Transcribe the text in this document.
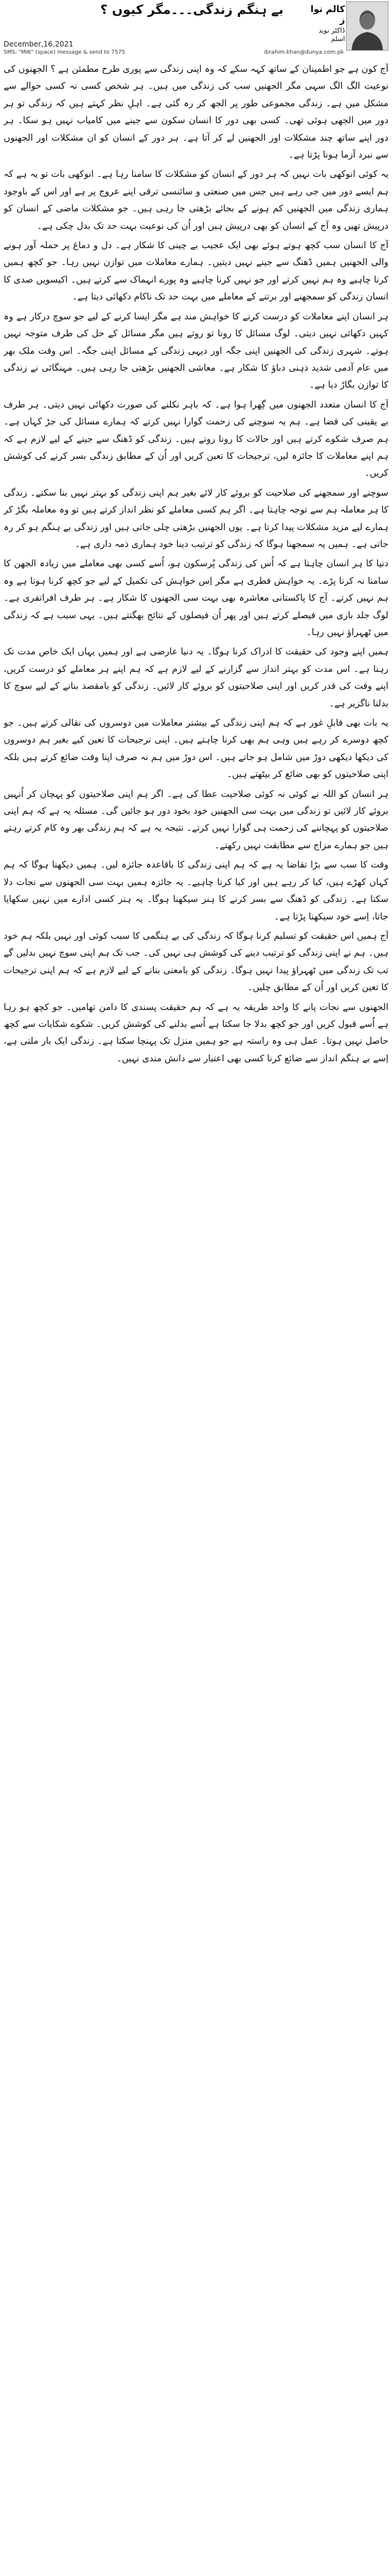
بے ہنگم زندگی۔۔۔مگر کیوں ؟	کالم نوا ز
ڈاکٹر نوید اسلم
December,16,2021
SMS: "MIK" (space) message & send to 7575	ibrahim.khan@dunya.com.pk

آج کون ہے جو اطمینان کے ساتھ کہہ سکے کہ وہ اپنی زندگی سے پوری طرح مطمئن ہے ؟ الجھنوں کی نوعیت الگ الگ سہی مگر الجھنیں سب کی زندگی میں ہیں۔ ہر شخص کسی نہ کسی حوالے سے مشکل میں ہے۔ زندگی مجموعی طور پر الجھ کر رہ گئی ہے۔ اہلِ نظر کہتے ہیں کہ زندگی تو ہر دور میں الجھی ہوئی تھی۔ کسی بھی دور کا انسان سکون سے جینے میں کامیاب نہیں ہو سکا۔ ہر دور اپنے ساتھ چند مشکلات اور الجھنیں لے کر آتا ہے۔ ہر دور کے انسان کو ان مشکلات اور الجھنوں سے نبرد آزما ہونا پڑتا ہے۔

یہ کوئی انوکھی بات نہیں کہ ہر دور کے انسان کو مشکلات کا سامنا رہا ہے۔ انوکھی بات تو یہ ہے کہ ہم ایسے دور میں جی رہے ہیں جس میں صنعتی و سائنسی ترقی اپنے عروج پر ہے اور اس کے باوجود ہماری زندگی میں الجھنیں کم ہونے کے بجائے بڑھتی جا رہی ہیں۔ جو مشکلات ماضی کے انسان کو درپیش تھیں وہ آج کے انسان کو بھی درپیش ہیں اور اُن کی نوعیت بہت حد تک بدل چکی ہے۔

آج کا انسان سب کچھ ہوتے ہوئے بھی ایک عجیب بے چینی کا شکار ہے۔ دل و دماغ پر حملہ آور ہونے والی الجھنیں ہمیں ڈھنگ سے جینے نہیں دیتیں۔ ہمارے معاملات میں توازن نہیں رہا۔ جو کچھ ہمیں کرنا چاہیے وہ ہم نہیں کرتے اور جو نہیں کرنا چاہیے وہ پورے انہماک سے کرتے ہیں۔ اکیسویں صدی کا انسان زندگی کو سمجھنے اور برتنے کے معاملے میں بہت حد تک ناکام دکھائی دیتا ہے۔

ہر انسان اپنے معاملات کو درست کرنے کا خواہش مند ہے مگر ایسا کرنے کے لیے جو سوچ درکار ہے وہ کہیں دکھائی نہیں دیتی۔ لوگ مسائل کا رونا تو روتے ہیں مگر مسائل کے حل کی طرف متوجہ نہیں ہوتے۔ شہری زندگی کی الجھنیں اپنی جگہ اور دیہی زندگی کے مسائل اپنی جگہ۔ اس وقت ملک بھر میں عام آدمی شدید ذہنی دباؤ کا شکار ہے۔ معاشی الجھنیں بڑھتی جا رہی ہیں۔ مہنگائی نے زندگی کا توازن بگاڑ دیا ہے۔

آج کا انسان متعدد الجھنوں میں گِھرا ہوا ہے۔ کہ باہر نکلنے کی صورت دکھائی نہیں دیتی۔ ہر طرف بے یقینی کی فضا ہے۔ ہم یہ سوچنے کی زحمت گوارا نہیں کرتے کہ ہمارے مسائل کی جڑ کہاں ہے۔ ہم صرف شکوے کرتے ہیں اور حالات کا رونا روتے ہیں۔ زندگی کو ڈھنگ سے جینے کے لیے لازم ہے کہ ہم اپنے معاملات کا جائزہ لیں، ترجیحات کا تعین کریں اور اُن کے مطابق زندگی بسر کرنے کی کوشش کریں۔

سوچنے اور سمجھنے کی صلاحیت کو بروئے کار لائے بغیر ہم اپنی زندگی کو بہتر نہیں بنا سکتے۔ زندگی کا ہر معاملہ ہم سے توجہ چاہتا ہے۔ اگر ہم کسی معاملے کو نظر انداز کرتے ہیں تو وہ معاملہ بگڑ کر ہمارے لیے مزید مشکلات پیدا کرتا ہے۔ یوں الجھنیں بڑھتی چلی جاتی ہیں اور زندگی بے ہنگم ہو کر رہ جاتی ہے۔ ہمیں یہ سمجھنا ہوگا کہ زندگی کو ترتیب دینا خود ہماری ذمہ داری ہے۔

دنیا کا ہر انسان چاہتا ہے کہ اُس کی زندگی پُرسکون ہو، اُسے کسی بھی معاملے میں زیادہ الجھن کا سامنا نہ کرنا پڑے۔ یہ خواہش فطری ہے مگر اِس خواہش کی تکمیل کے لیے جو کچھ کرنا ہوتا ہے وہ ہم نہیں کرتے۔ آج کا پاکستانی معاشرہ بھی بہت سی الجھنوں کا شکار ہے۔ ہر طرف افراتفری ہے۔ لوگ جلد بازی میں فیصلے کرتے ہیں اور پھر اُن فیصلوں کے نتائج بھگتتے ہیں۔ یہی سبب ہے کہ زندگی میں ٹھہراؤ نہیں رہا۔

ہمیں اپنے وجود کی حقیقت کا ادراک کرنا ہوگا۔ یہ دنیا عارضی ہے اور ہمیں یہاں ایک خاص مدت تک رہنا ہے۔ اس مدت کو بہتر انداز سے گزارنے کے لیے لازم ہے کہ ہم اپنے ہر معاملے کو درست کریں، اپنے وقت کی قدر کریں اور اپنی صلاحیتوں کو بروئے کار لائیں۔ زندگی کو بامقصد بنانے کے لیے سوچ کا بدلنا ناگزیر ہے۔

یہ بات بھی قابلِ غور ہے کہ ہم اپنی زندگی کے بیشتر معاملات میں دوسروں کی نقالی کرتے ہیں۔ جو کچھ دوسرے کر رہے ہیں وہی ہم بھی کرنا چاہتے ہیں۔ اپنی ترجیحات کا تعین کیے بغیر ہم دوسروں کی دیکھا دیکھی دوڑ میں شامل ہو جاتے ہیں۔ اس دوڑ میں ہم نہ صرف اپنا وقت ضائع کرتے ہیں بلکہ اپنی صلاحیتوں کو بھی ضائع کر بیٹھتے ہیں۔

ہر انسان کو اللہ نے کوئی نہ کوئی صلاحیت عطا کی ہے۔ اگر ہم اپنی صلاحیتوں کو پہچان کر اُنہیں بروئے کار لائیں تو زندگی میں بہت سی الجھنیں خود بخود دور ہو جائیں گی۔ مسئلہ یہ ہے کہ ہم اپنی صلاحیتوں کو پہچاننے کی زحمت ہی گوارا نہیں کرتے۔ نتیجہ یہ ہے کہ ہم زندگی بھر وہ کام کرتے رہتے ہیں جو ہمارے مزاج سے مطابقت نہیں رکھتے۔

وقت کا سب سے بڑا تقاضا یہ ہے کہ ہم اپنی زندگی کا باقاعدہ جائزہ لیں۔ ہمیں دیکھنا ہوگا کہ ہم کہاں کھڑے ہیں، کیا کر رہے ہیں اور کیا کرنا چاہیے۔ یہ جائزہ ہمیں بہت سی الجھنوں سے نجات دلا سکتا ہے۔ زندگی کو ڈھنگ سے بسر کرنے کا ہنر سیکھنا ہوگا۔ یہ ہنر کسی ادارے میں نہیں سکھایا جاتا، اِسے خود سیکھنا پڑتا ہے۔

آج ہمیں اس حقیقت کو تسلیم کرنا ہوگا کہ زندگی کی بے ہنگمی کا سبب کوئی اور نہیں بلکہ ہم خود ہیں۔ ہم نے اپنی زندگی کو ترتیب دینے کی کوشش ہی نہیں کی۔ جب تک ہم اپنی سوچ نہیں بدلیں گے تب تک زندگی میں ٹھہراؤ پیدا نہیں ہوگا۔ زندگی کو بامعنی بنانے کے لیے لازم ہے کہ ہم اپنی ترجیحات کا تعین کریں اور اُن کے مطابق چلیں۔

الجھنوں سے نجات پانے کا واحد طریقہ یہ ہے کہ ہم حقیقت پسندی کا دامن تھامیں۔ جو کچھ ہو رہا ہے اُسے قبول کریں اور جو کچھ بدلا جا سکتا ہے اُسے بدلنے کی کوشش کریں۔ شکوے شکایات سے کچھ حاصل نہیں ہوتا۔ عمل ہی وہ راستہ ہے جو ہمیں منزل تک پہنچا سکتا ہے۔ زندگی ایک بار ملتی ہے، اِسے بے ہنگم انداز سے ضائع کرنا کسی بھی اعتبار سے دانش مندی نہیں۔
